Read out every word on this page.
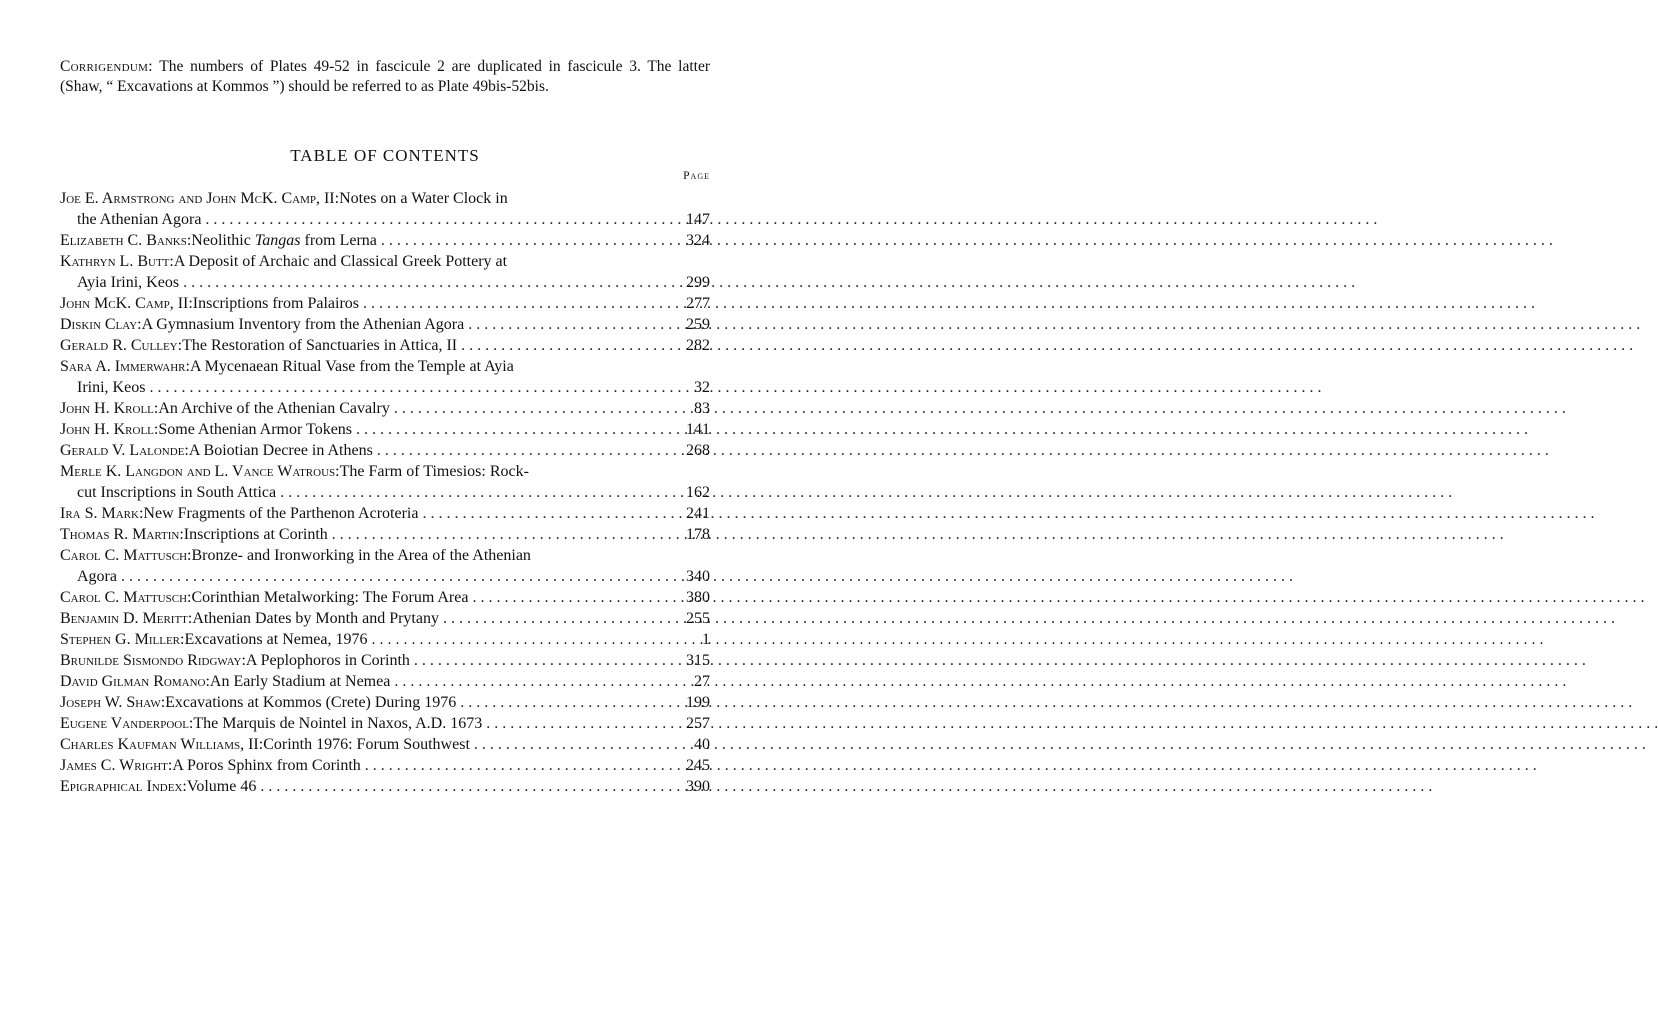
Corrigendum: The numbers of Plates 49-52 in fascicule 2 are duplicated in fascicule 3. The latter (Shaw, “ Excavations at Kommos ”) should be referred to as Plate 49bis-52bis.

TABLE OF CONTENTS
Page
Joe E. Armstrong and John McK. Camp, II: Notes on a Water Clock in
the Athenian Agora . . .	147
Elizabeth C. Banks: Neolithic Tangas from Lerna . . .	324
Kathryn L. Butt: A Deposit of Archaic and Classical Greek Pottery at
Ayia Irini, Keos . . .	299
John McK. Camp, II: Inscriptions from Palairos . . .	277
Diskin Clay: A Gymnasium Inventory from the Athenian Agora . . .	259
Gerald R. Culley: The Restoration of Sanctuaries in Attica, II . . .	282
Sara A. Immerwahr: A Mycenaean Ritual Vase from the Temple at Ayia
Irini, Keos . . .	32
John H. Kroll: An Archive of the Athenian Cavalry . . .	83
John H. Kroll: Some Athenian Armor Tokens . . .	141
Gerald V. Lalonde: A Boiotian Decree in Athens . . .	268
Merle K. Langdon and L. Vance Watrous: The Farm of Timesios: Rock-
cut Inscriptions in South Attica . . .	162
Ira S. Mark: New Fragments of the Parthenon Acroteria . . .	241
Thomas R. Martin: Inscriptions at Corinth . . .	178
Carol C. Mattusch: Bronze- and Ironworking in the Area of the Athenian
Agora . . .	340
Carol C. Mattusch: Corinthian Metalworking: The Forum Area . . .	380
Benjamin D. Meritt: Athenian Dates by Month and Prytany . . .	255
Stephen G. Miller: Excavations at Nemea, 1976 . . .	1
Brunilde Sismondo Ridgway: A Peplophoros in Corinth . . .	315
David Gilman Romano: An Early Stadium at Nemea . . .	27
Joseph W. Shaw: Excavations at Kommos (Crete) During 1976 . . .	199
Eugene Vanderpool: The Marquis de Nointel in Naxos, A.D. 1673 . . .	257
Charles Kaufman Williams, II: Corinth 1976: Forum Southwest . . .	40
James C. Wright: A Poros Sphinx from Corinth . . .	245
Epigraphical Index: Volume 46 . . .	390
